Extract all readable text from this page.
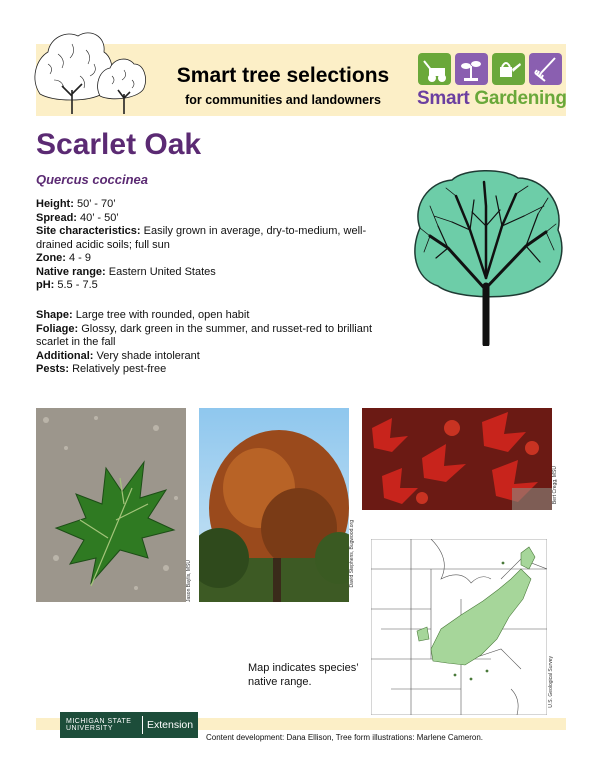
Smart tree selections
for communities and landowners	Smart Gardening
Scarlet Oak
Quercus coccinea
Height: 50’ - 70’
Spread: 40’ - 50’
Site characteristics: Easily grown in average, dry-to-medium, well-drained acidic soils; full sun
Zone: 4 - 9
Native range: Eastern United States
pH: 5.5 - 7.5
Shape: Large tree with rounded, open habit
Foliage: Glossy, dark green in the summer, and russet-red to brilliant scarlet in the fall
Additional: Very shade intolerant
Pests: Relatively pest-free
Jason Baylis, MSU	David Stephens, Bugwood.org
Bert Cregg, MSU
U.S. Geological Survey
Map indicates species’ native range.
MICHIGAN STATE
UNIVERSITY	Extension
Content development: Dana Ellison, Tree form illustrations: Marlene Cameron.
